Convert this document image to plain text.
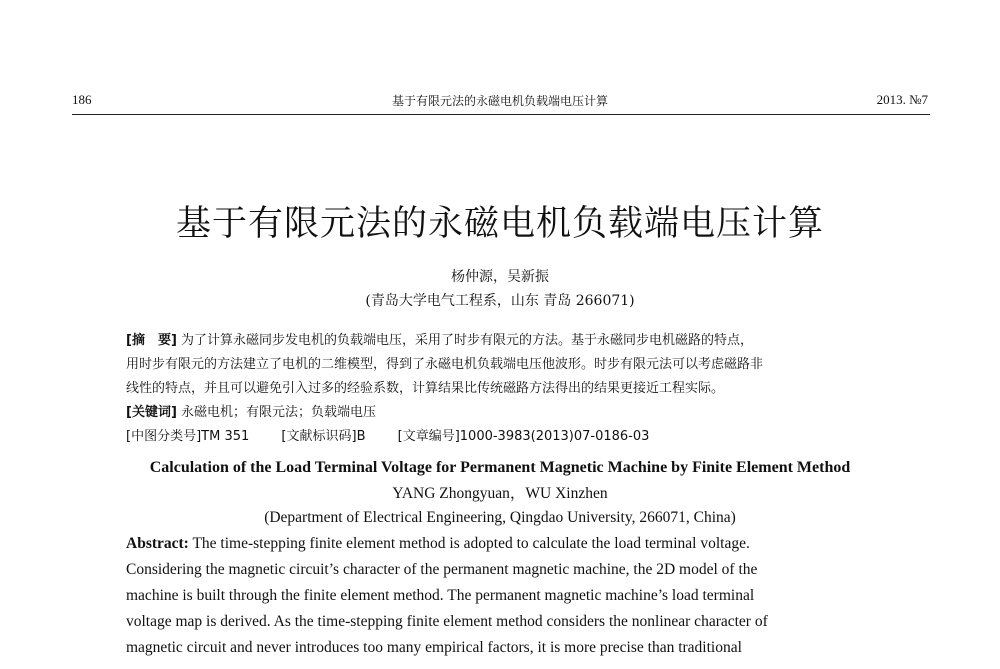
186	基于有限元法的永磁电机负载端电压计算	2013. №7
基于有限元法的永磁电机负载端电压计算
杨仲源，吴新振
(青岛大学电气工程系，山东 青岛 266071)
[摘　要] 为了计算永磁同步发电机的负载端电压，采用了时步有限元的方法。基于永磁同步电机磁路的特点，
用时步有限元的方法建立了电机的二维模型，得到了永磁电机负载端电压他波形。时步有限元法可以考虑磁路非
线性的特点，并且可以避免引入过多的经验系数，计算结果比传统磁路方法得出的结果更接近工程实际。
[关键词] 永磁电机；有限元法；负载端电压
[中图分类号]TM 351 [文献标识码]B [文章编号]1000-3983(2013)07-0186-03
Calculation of the Load Terminal Voltage for Permanent Magnetic Machine by Finite Element Method
YANG Zhongyuan，WU Xinzhen
(Department of Electrical Engineering, Qingdao University, 266071, China)
Abstract: The time-stepping finite element method is adopted to calculate the load terminal voltage.
Considering the magnetic circuit’s character of the permanent magnetic machine, the 2D model of the
machine is built through the finite element method. The permanent magnetic machine’s load terminal
voltage map is derived. As the time-stepping finite element method considers the nonlinear character of
magnetic circuit and never introduces too many empirical factors, it is more precise than traditional
